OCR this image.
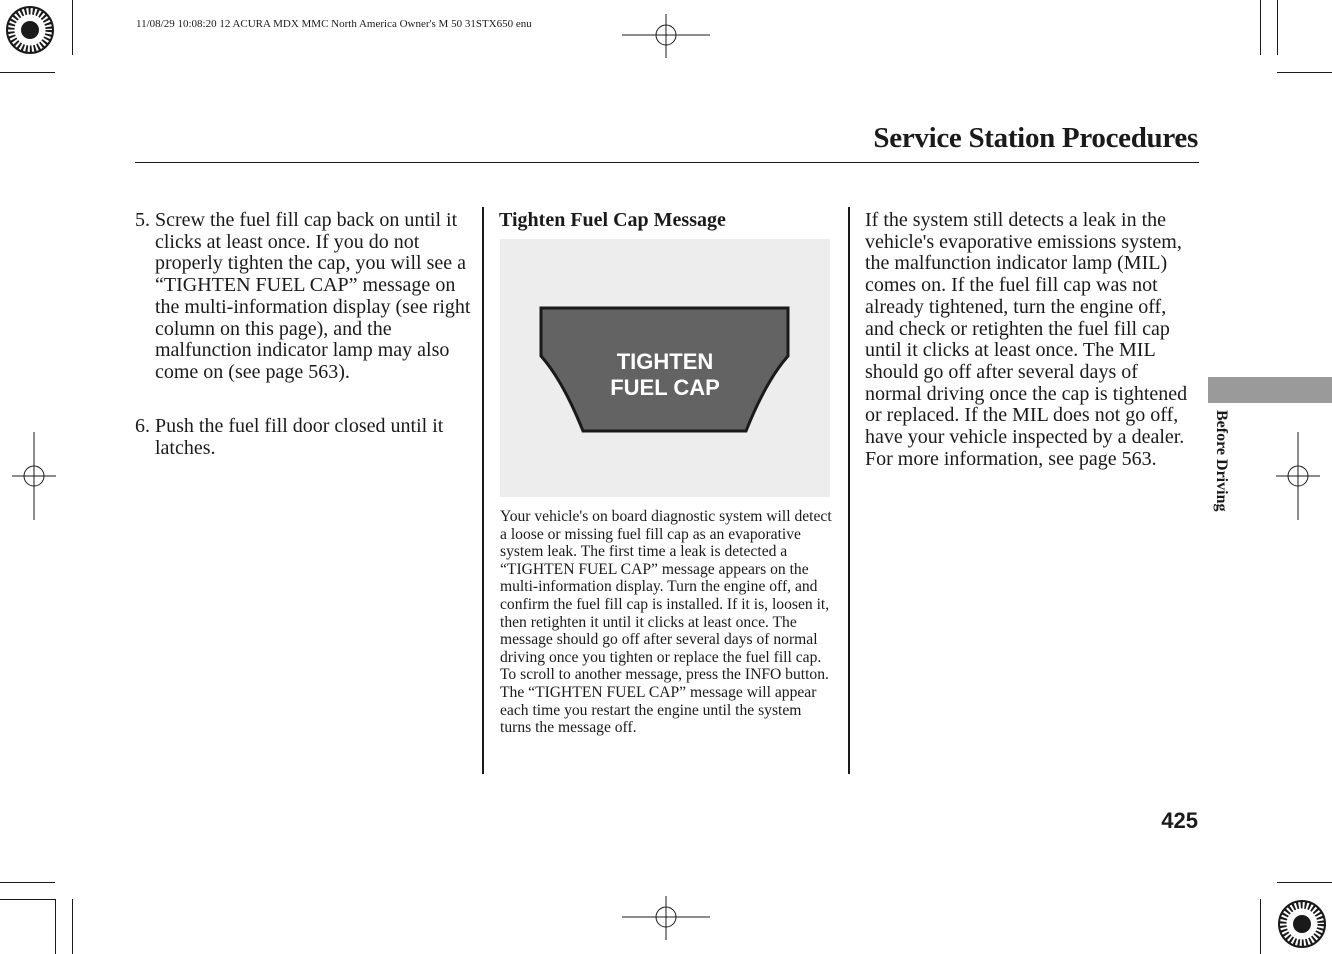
11/08/29 10:08:20 12 ACURA MDX MMC North America Owner's M 50 31STX650 enu
Service Station Procedures
5. Screw the fuel fill cap back on until it clicks at least once. If you do not properly tighten the cap, you will see a “TIGHTEN FUEL CAP” message on the multi-information display (see right column on this page), and the malfunction indicator lamp may also come on (see page 563).
6. Push the fuel fill door closed until it latches.
Tighten Fuel Cap Message
TIGHTEN
FUEL CAP
Your vehicle's on board diagnostic system will detect a loose or missing fuel fill cap as an evaporative system leak. The first time a leak is detected a “TIGHTEN FUEL CAP” message appears on the multi-information display. Turn the engine off, and confirm the fuel fill cap is installed. If it is, loosen it, then retighten it until it clicks at least once. The message should go off after several days of normal driving once you tighten or replace the fuel fill cap. To scroll to another message, press the INFO button. The “TIGHTEN FUEL CAP” message will appear each time you restart the engine until the system turns the message off.
If the system still detects a leak in the vehicle's evaporative emissions system, the malfunction indicator lamp (MIL) comes on. If the fuel fill cap was not already tightened, turn the engine off, and check or retighten the fuel fill cap until it clicks at least once. The MIL should go off after several days of normal driving once the cap is tightened or replaced. If the MIL does not go off, have your vehicle inspected by a dealer. For more information, see page 563.	Before Driving
425
